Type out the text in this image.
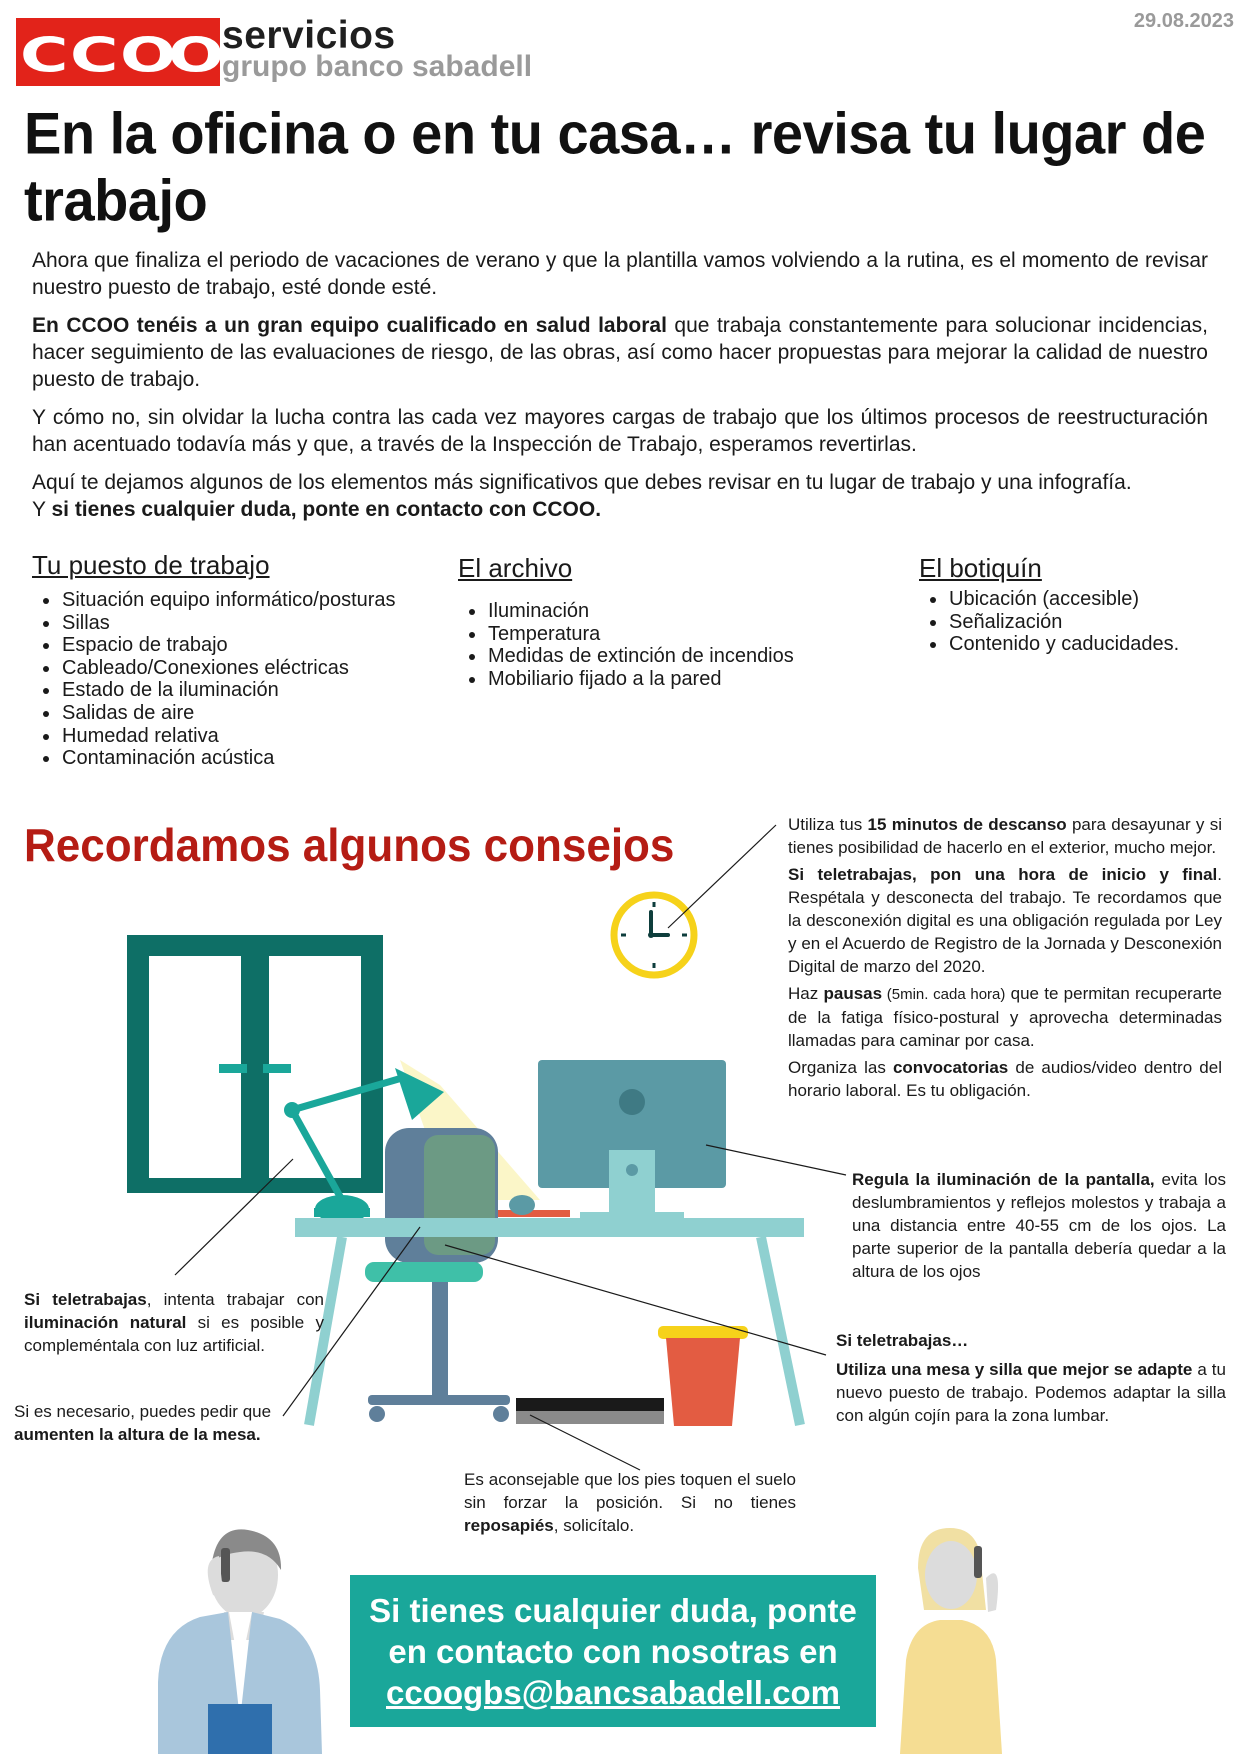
C C O
O
servicios
grupo banco sabadell
29.08.2023
En la oficina o en tu casa… revisa tu lugar de trabajo

Ahora que finaliza el periodo de vacaciones de verano y que la plantilla vamos volviendo a la rutina, es el momento de revisar nuestro puesto de trabajo, esté donde esté.

En CCOO tenéis a un gran equipo cualificado en salud laboral que trabaja constantemente para solucionar incidencias, hacer seguimiento de las evaluaciones de riesgo, de las obras, así como hacer propuestas para mejorar la calidad de nuestro puesto de trabajo.

Y cómo no, sin olvidar la lucha contra las cada vez mayores cargas de trabajo que los últimos procesos de reestructuración han acentuado todavía más y que, a través de la Inspección de Trabajo, esperamos revertirlas.

Aquí te dejamos algunos de los elementos más significativos que debes revisar en tu lugar de trabajo y una infografía.
Y si tienes cualquier duda, ponte en contacto con CCOO.

Tu puesto de trabajo
• Situación equipo informático/posturas
• Sillas
• Espacio de trabajo
• Cableado/Conexiones eléctricas
• Estado de la iluminación
• Salidas de aire
• Humedad relativa
• Contaminación acústica
El archivo
• Iluminación
• Temperatura
• Medidas de extinción de incendios
• Mobiliario fijado a la pared
El botiquín
• Ubicación (accesible)
• Señalización
• Contenido y caducidades.
Recordamos algunos consejos	Utiliza tus 15 minutos de descanso para desayunar y si tienes posibilidad de hacerlo en el exterior, mucho mejor.

Si teletrabajas, pon una hora de inicio y final. Respétala y desconecta del trabajo. Te recordamos que la desconexión digital es una obligación regulada por Ley y en el Acuerdo de Registro de la Jornada y Desconexión Digital de marzo del 2020.

Haz pausas (5min. cada hora) que te permitan recuperarte de la fatiga físico-postural y aprovecha determinadas llamadas para caminar por casa.

Organiza las convocatorias de audios/video dentro del horario laboral. Es tu obligación.

Regula la iluminación de la pantalla, evita los deslumbramientos y reflejos molestos y trabaja a una distancia entre 40-55 cm de los ojos. La parte superior de la pantalla debería quedar a la altura de los ojos
Si teletrabajas, intenta trabajar con iluminación natural si es posible y compleméntala con luz artificial.
Si es necesario, puedes pedir que aumenten la altura de la mesa.
Si teletrabajas…
Utiliza una mesa y silla que mejor se adapte a tu nuevo puesto de trabajo. Podemos adaptar la silla con algún cojín para la zona lumbar.
Es aconsejable que los pies toquen el suelo sin forzar la posición. Si no tienes reposapiés, solicítalo.
Si tienes cualquier duda, ponte
en contacto con nosotras en
ccoogbs@bancsabadell.com
